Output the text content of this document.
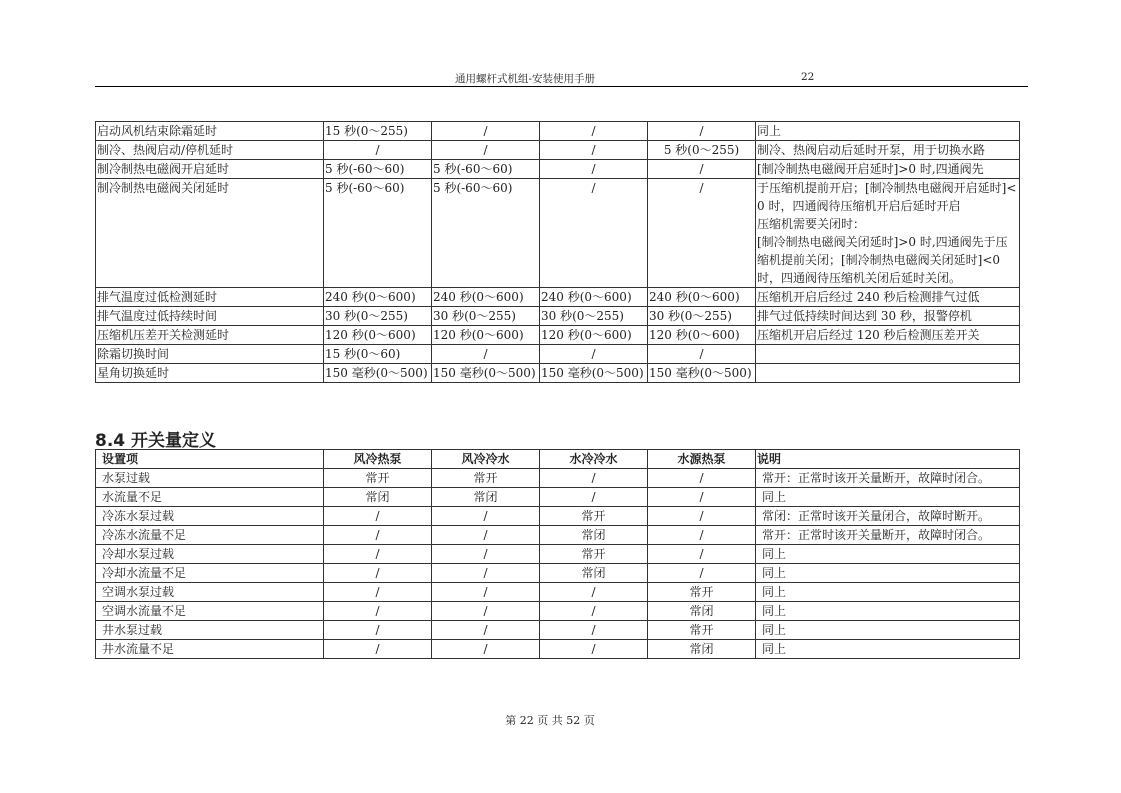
通用螺杆式机组-安装使用手册	22
启动风机结束除霜延时	15 秒(0～255)	/	/	/	同上
制冷、热阀启动/停机延时	/	/	/	5 秒(0～255)	制冷、热阀启动后延时开泵，用于切换水路
制冷制热电磁阀开启延时	5 秒(-60～60)	5 秒(-60～60)	/	/	[制冷制热电磁阀开启延时]>0 时,四通阀先
制冷制热电磁阀关闭延时	5 秒(-60～60)	5 秒(-60～60)	/	/	于压缩机提前开启；[制冷制热电磁阀开启延时]<0 时，四通阀待压缩机开启后延时开启
压缩机需要关闭时：
[制冷制热电磁阀关闭延时]>0 时,四通阀先于压缩机提前关闭；[制冷制热电磁阀关闭延时]<0 时，四通阀待压缩机关闭后延时关闭。
排气温度过低检测延时	240 秒(0～600)	240 秒(0～600)	240 秒(0～600)	240 秒(0～600)	压缩机开启后经过 240 秒后检测排气过低
排气温度过低持续时间	30 秒(0～255)	30 秒(0～255)	30 秒(0～255)	30 秒(0～255)	排气过低持续时间达到 30 秒，报警停机
压缩机压差开关检测延时	120 秒(0～600)	120 秒(0～600)	120 秒(0～600)	120 秒(0～600)	压缩机开启后经过 120 秒后检测压差开关
除霜切换时间	15 秒(0～60)	/	/	/	
星角切换延时	150 毫秒(0～500)	150 毫秒(0～500)	150 毫秒(0～500)	150 毫秒(0～500)	
8.4 开关量定义
设置项	风冷热泵	风冷冷水	水冷冷水	水源热泵	说明
水泵过载	常开	常开	/	/	常开：正常时该开关量断开，故障时闭合。
水流量不足	常闭	常闭	/	/	同上
冷冻水泵过载	/	/	常开	/	常闭：正常时该开关量闭合，故障时断开。
冷冻水流量不足	/	/	常闭	/	常开：正常时该开关量断开，故障时闭合。
冷却水泵过载	/	/	常开	/	同上
冷却水流量不足	/	/	常闭	/	同上
空调水泵过载	/	/	/	常开	同上
空调水流量不足	/	/	/	常闭	同上
井水泵过载	/	/	/	常开	同上
井水流量不足	/	/	/	常闭	同上
第 22 页 共 52 页
